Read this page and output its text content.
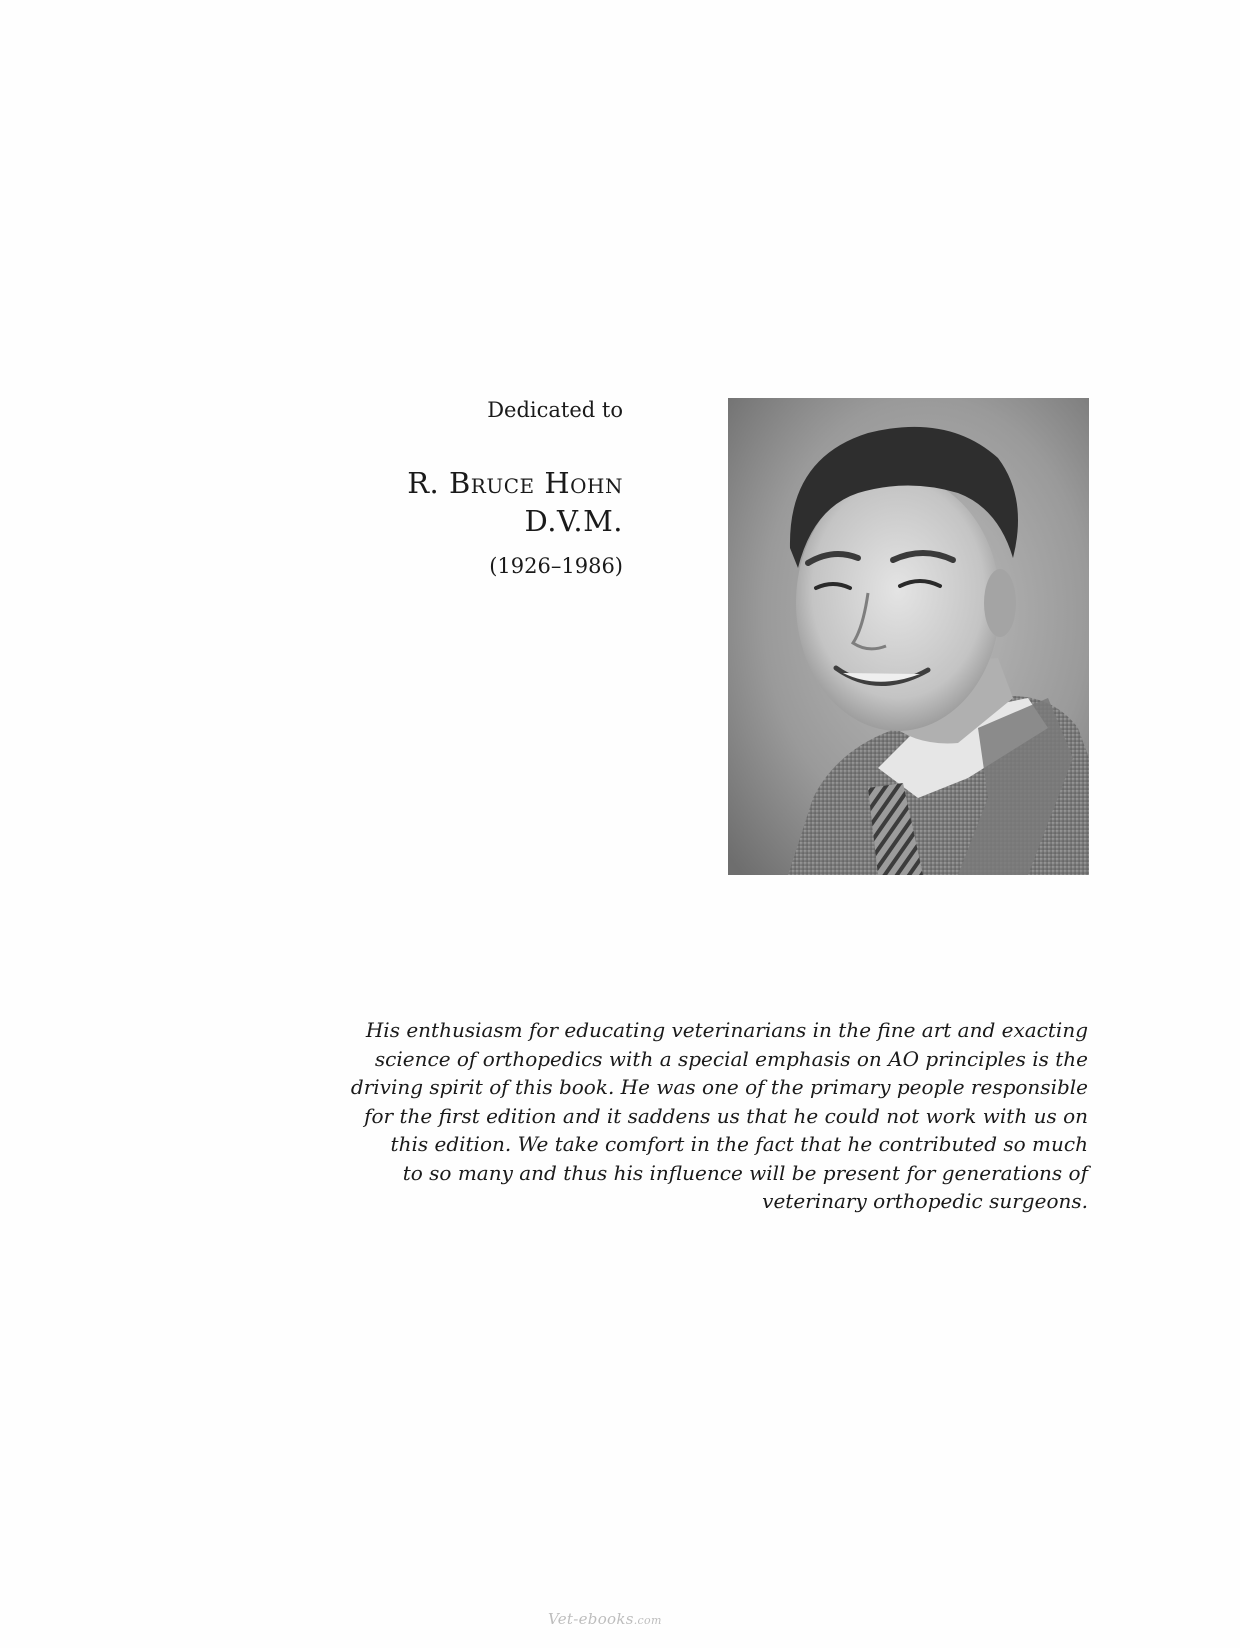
Dedicated to

R. Bruce Hohn

D.V.M.

(1926–1986)

His enthusiasm for educating veterinarians in the fine art and exacting
science of orthopedics with a special emphasis on AO principles is the
driving spirit of this book. He was one of the primary people responsible
for the first edition and it saddens us that he could not work with us on
this edition. We take comfort in the fact that he contributed so much
to so many and thus his influence will be present for generations of
veterinary orthopedic surgeons.

Vet-ebooks.com
